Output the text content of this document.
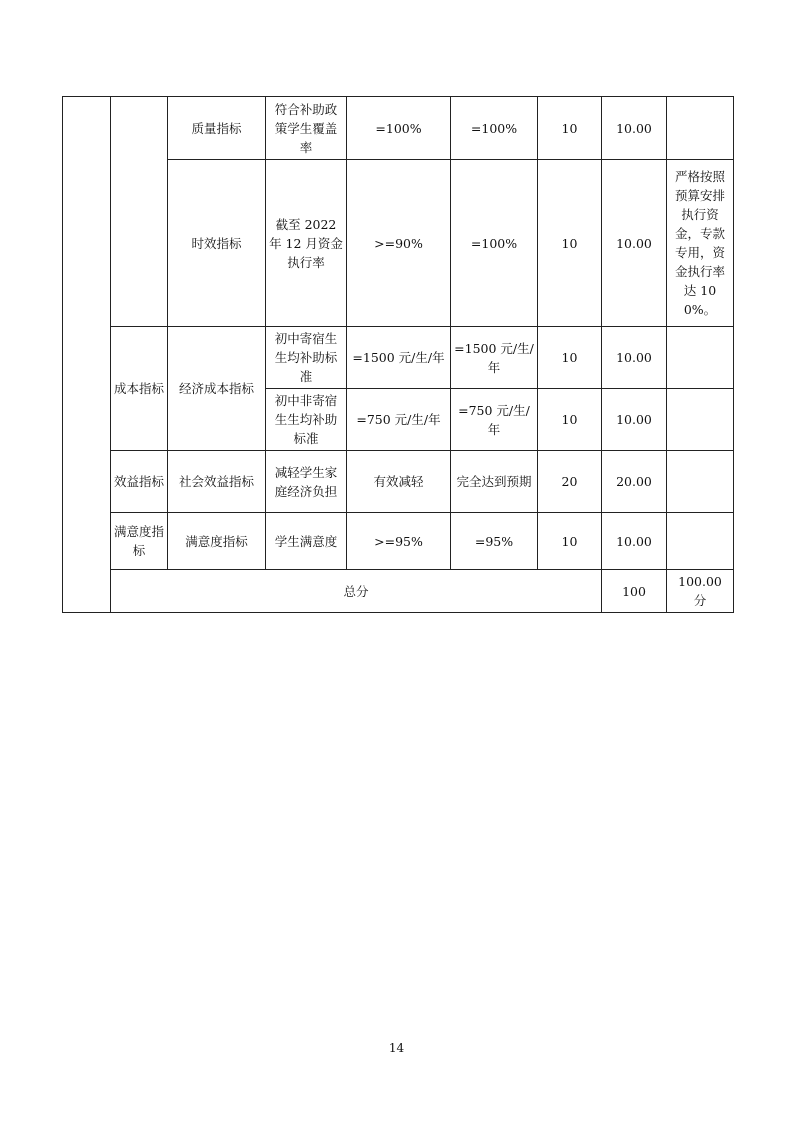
		质量指标	符合补助政策学生覆盖率	=100%	=100%	10	10.00		
		时效指标	截至 2022 年 12 月资金执行率	>=90%	=100%	10	10.00	严格按照预算安排执行资金，专款专用，资金执行率达 100%。	
	成本指标	经济成本指标	初中寄宿生生均补助标准	=1500 元/生/年	=1500 元/生/年	10	10.00		
			初中非寄宿生生均补助标准	=750 元/生/年	=750 元/生/年	10	10.00		
	效益指标	社会效益指标	减轻学生家庭经济负担	有效减轻	完全达到预期	20	20.00		
	满意度指标	满意度指标	学生满意度	>=95%	=95%	10	10.00		
	总分						100	100.00 分	
14
